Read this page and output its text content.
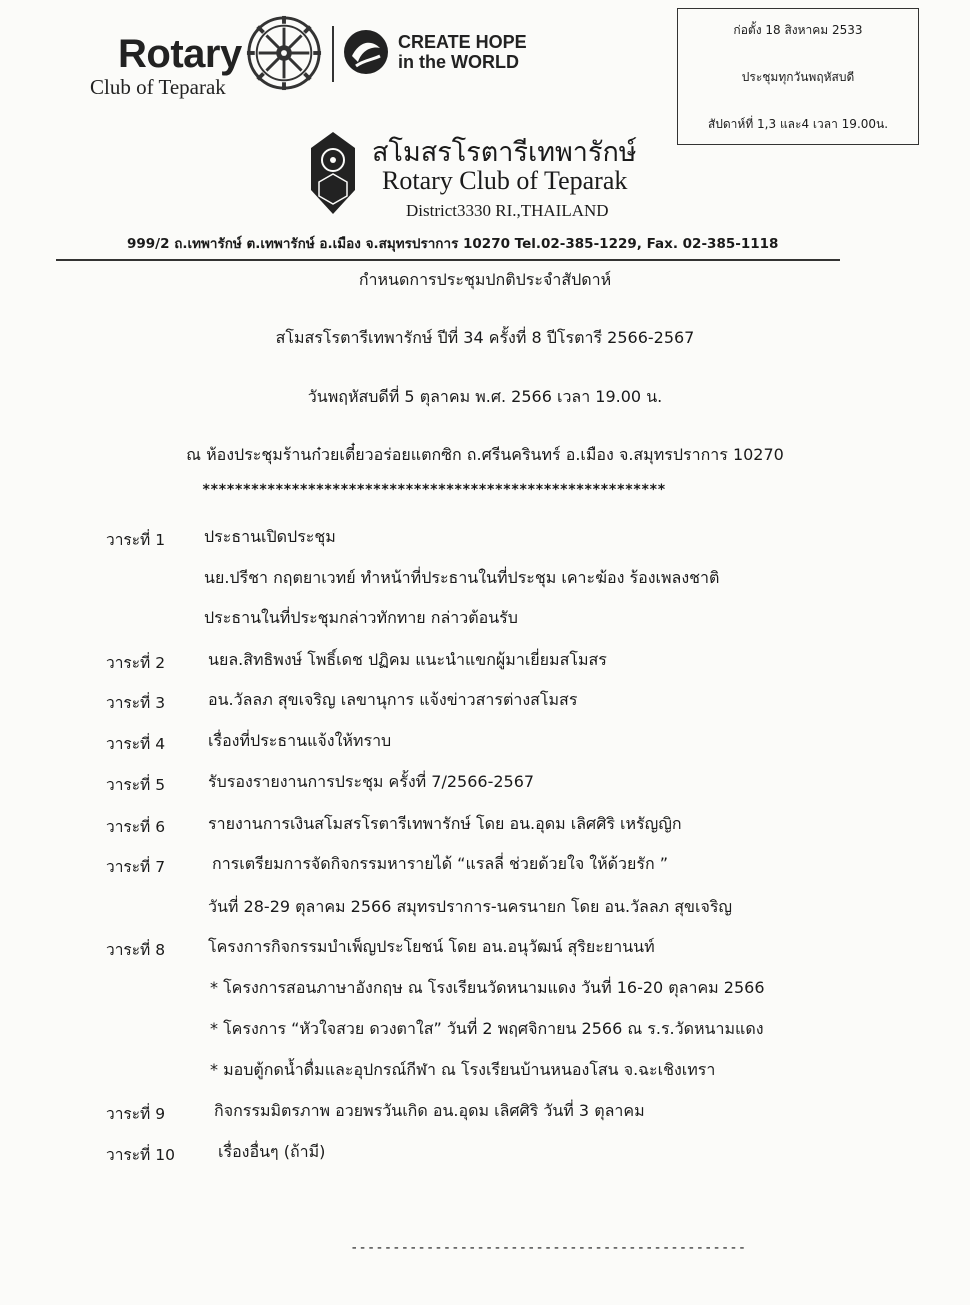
Rotary
Club of Teparak
CREATE HOPE
in the WORLD
ก่อตั้ง 18 สิงหาคม 2533
ประชุมทุกวันพฤหัสบดี
สัปดาห์ที่ 1,3 และ4 เวลา 19.00น.
สโมสรโรตารีเทพารักษ์
Rotary Club of Teparak
District3330 RI.,THAILAND
999/2 ถ.เทพารักษ์ ต.เทพารักษ์ อ.เมือง จ.สมุทรปราการ 10270 Tel.02-385-1229, Fax. 02-385-1118
กำหนดการประชุมปกติประจำสัปดาห์
สโมสรโรตารีเทพารักษ์ ปีที่ 34 ครั้งที่ 8 ปีโรตารี 2566-2567
วันพฤหัสบดีที่ 5 ตุลาคม พ.ศ. 2566 เวลา 19.00 น.
ณ ห้องประชุมร้านก๋วยเตี๋ยวอร่อยแตกซิก ถ.ศรีนครินทร์ อ.เมือง จ.สมุทรปราการ 10270
*********************************************************
วาระที่ 1 ประธานเปิดประชุม
นย.ปรีชา กฤตยาเวทย์ ทำหน้าที่ประธานในที่ประชุม เคาะฆ้อง ร้องเพลงชาติ
ประธานในที่ประชุมกล่าวทักทาย กล่าวต้อนรับ
วาระที่ 2	นยล.สิทธิพงษ์ โพธิ์เดช ปฏิคม แนะนำแขกผู้มาเยี่ยมสโมสร
วาระที่ 3	อน.วัลลภ สุขเจริญ เลขานุการ แจ้งข่าวสารต่างสโมสร
วาระที่ 4	เรื่องที่ประธานแจ้งให้ทราบ
วาระที่ 5	รับรองรายงานการประชุม ครั้งที่ 7/2566-2567
วาระที่ 6	รายงานการเงินสโมสรโรตารีเทพารักษ์ โดย อน.อุดม เลิศศิริ เหรัญญิก
วาระที่ 7	การเตรียมการจัดกิจกรรมหารายได้ “แรลลี่ ช่วยด้วยใจ ให้ด้วยรัก ”
วันที่ 28-29 ตุลาคม 2566 สมุทรปราการ-นครนายก โดย อน.วัลลภ สุขเจริญ
วาระที่ 8	โครงการกิจกรรมบำเพ็ญประโยชน์ โดย อน.อนุวัฒน์ สุริยะยานนท์
* โครงการสอนภาษาอังกฤษ ณ โรงเรียนวัดหนามแดง วันที่ 16-20 ตุลาคม 2566
* โครงการ “หัวใจสวย ดวงตาใส” วันที่ 2 พฤศจิกายน 2566 ณ ร.ร.วัดหนามแดง
* มอบตู้กดน้ำดื่มและอุปกรณ์กีฬา ณ โรงเรียนบ้านหนองโสน จ.ฉะเชิงเทรา
วาระที่ 9	กิจกรรมมิตรภาพ อวยพรวันเกิด อน.อุดม เลิศศิริ วันที่ 3 ตุลาคม
วาระที่ 10	เรื่องอื่นๆ (ถ้ามี)
-----------------------------------------------
